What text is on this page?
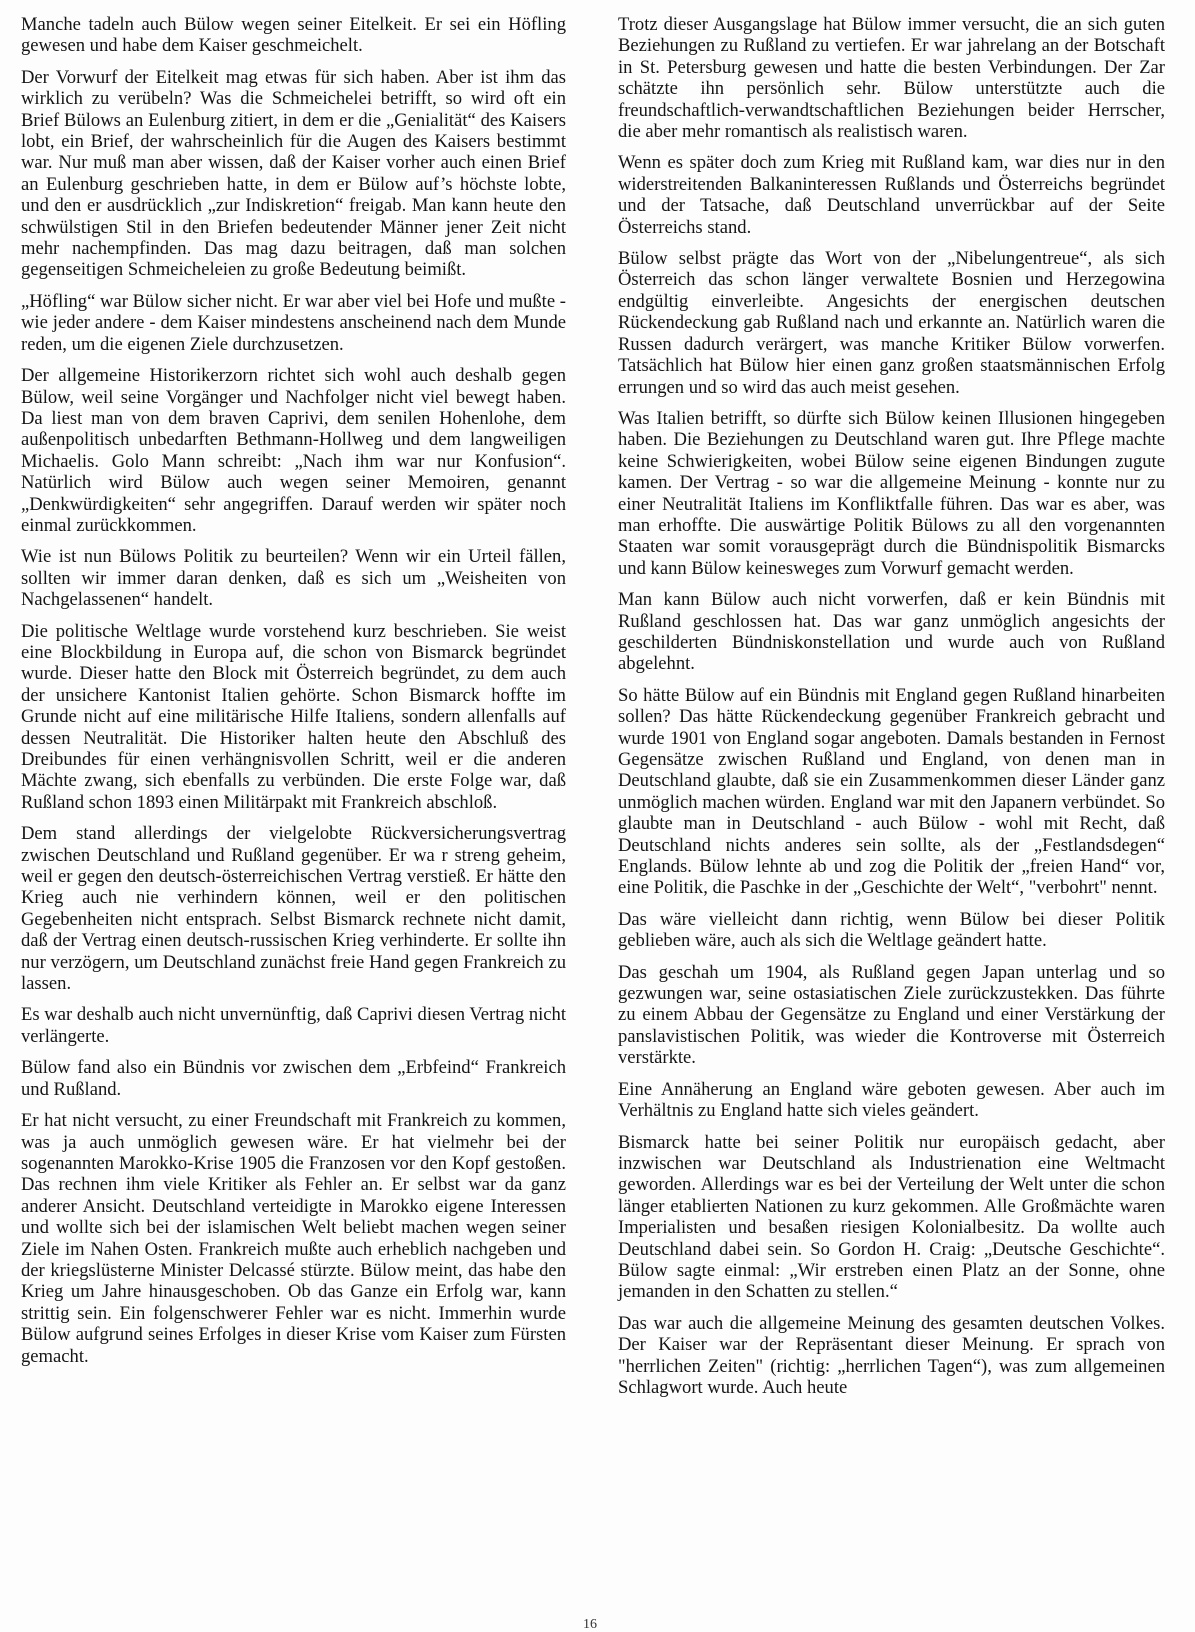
Manche tadeln auch Bülow wegen seiner Eitelkeit. Er sei ein Höfling gewesen und habe dem Kaiser geschmeichelt.

Der Vorwurf der Eitelkeit mag etwas für sich haben. Aber ist ihm das wirklich zu verübeln? Was die Schmeichelei betrifft, so wird oft ein Brief Bülows an Eulenburg zitiert, in dem er die „Genialität“ des Kaisers lobt, ein Brief, der wahrscheinlich für die Augen des Kaisers bestimmt war. Nur muß man aber wissen, daß der Kaiser vorher auch einen Brief an Eulenburg geschrieben hatte, in dem er Bülow auf’s höchste lobte, und den er ausdrücklich „zur Indiskretion“ freigab. Man kann heute den schwülstigen Stil in den Briefen bedeutender Männer jener Zeit nicht mehr nachempfinden. Das mag dazu beitragen, daß man solchen gegenseitigen Schmeicheleien zu große Bedeutung beimißt.

„Höfling“ war Bülow sicher nicht. Er war aber viel bei Hofe und mußte - wie jeder andere - dem Kaiser mindestens anscheinend nach dem Munde reden, um die eigenen Ziele durchzusetzen.

Der allgemeine Historikerzorn richtet sich wohl auch deshalb gegen Bülow, weil seine Vorgänger und Nachfolger nicht viel bewegt haben. Da liest man von dem braven Caprivi, dem senilen Hohenlohe, dem außenpolitisch unbedarften Bethmann-Hollweg und dem langweiligen Michaelis. Golo Mann schreibt: „Nach ihm war nur Konfusion“. Natürlich wird Bülow auch wegen seiner Memoiren, genannt „Denkwürdigkeiten“ sehr angegriffen. Darauf werden wir später noch einmal zurückkommen.

Wie ist nun Bülows Politik zu beurteilen? Wenn wir ein Urteil fällen, sollten wir immer daran denken, daß es sich um „Weisheiten von Nachgelassenen“ handelt.

Die politische Weltlage wurde vorstehend kurz beschrieben. Sie weist eine Blockbildung in Europa auf, die schon von Bismarck begründet wurde. Dieser hatte den Block mit Österreich begründet, zu dem auch der unsichere Kantonist Italien gehörte. Schon Bismarck hoffte im Grunde nicht auf eine militärische Hilfe Italiens, sondern allenfalls auf dessen Neutralität. Die Historiker halten heute den Abschluß des Dreibundes für einen verhängnisvollen Schritt, weil er die anderen Mächte zwang, sich ebenfalls zu verbünden. Die erste Folge war, daß Rußland schon 1893 einen Militärpakt mit Frankreich abschloß.

Dem stand allerdings der vielgelobte Rückversicherungsvertrag zwischen Deutschland und Rußland gegenüber. Er wa r streng geheim, weil er gegen den deutsch-österreichischen Vertrag verstieß. Er hätte den Krieg auch nie verhindern können, weil er den politischen Gegebenheiten nicht entsprach. Selbst Bismarck rechnete nicht damit, daß der Vertrag einen deutsch-russischen Krieg verhinderte. Er sollte ihn nur verzögern, um Deutschland zunächst freie Hand gegen Frankreich zu lassen.

Es war deshalb auch nicht unvernünftig, daß Caprivi diesen Vertrag nicht verlängerte.

Bülow fand also ein Bündnis vor zwischen dem „Erbfeind“ Frankreich und Rußland.

Er hat nicht versucht, zu einer Freundschaft mit Frankreich zu kommen, was ja auch unmöglich gewesen wäre. Er hat vielmehr bei der sogenannten Marokko-Krise 1905 die Franzosen vor den Kopf gestoßen. Das rechnen ihm viele Kritiker als Fehler an. Er selbst war da ganz anderer Ansicht. Deutschland verteidigte in Marokko eigene Interessen und wollte sich bei der islamischen Welt beliebt machen wegen seiner Ziele im Nahen Osten. Frankreich mußte auch erheblich nachgeben und der kriegslüsterne Minister Delcassé stürzte. Bülow meint, das habe den Krieg um Jahre hinausgeschoben. Ob das Ganze ein Erfolg war, kann strittig sein. Ein folgenschwerer Fehler war es nicht. Immerhin wurde Bülow aufgrund seines Erfolges in dieser Krise vom Kaiser zum Fürsten gemacht.

Trotz dieser Ausgangslage hat Bülow immer versucht, die an sich guten Beziehungen zu Rußland zu vertiefen. Er war jahrelang an der Botschaft in St. Petersburg gewesen und hatte die besten Verbindungen. Der Zar schätzte ihn persönlich sehr. Bülow unterstützte auch die freundschaftlich-verwandtschaftlichen Beziehungen beider Herrscher, die aber mehr romantisch als realistisch waren.

Wenn es später doch zum Krieg mit Rußland kam, war dies nur in den widerstreitenden Balkaninteressen Rußlands und Österreichs begründet und der Tatsache, daß Deutschland unverrückbar auf der Seite Österreichs stand.

Bülow selbst prägte das Wort von der „Nibelungentreue“, als sich Österreich das schon länger verwaltete Bosnien und Herzegowina endgültig einverleibte. Angesichts der energischen deutschen Rückendeckung gab Rußland nach und erkannte an. Natürlich waren die Russen dadurch verärgert, was manche Kritiker Bülow vorwerfen. Tatsächlich hat Bülow hier einen ganz großen staatsmännischen Erfolg errungen und so wird das auch meist gesehen.

Was Italien betrifft, so dürfte sich Bülow keinen Illusionen hingegeben haben. Die Beziehungen zu Deutschland waren gut. Ihre Pflege machte keine Schwierigkeiten, wobei Bülow seine eigenen Bindungen zugute kamen. Der Vertrag - so war die allgemeine Meinung - konnte nur zu einer Neutralität Italiens im Konfliktfalle führen. Das war es aber, was man erhoffte. Die auswärtige Politik Bülows zu all den vorgenannten Staaten war somit vorausgeprägt durch die Bündnispolitik Bismarcks und kann Bülow keinesweges zum Vorwurf gemacht werden.

Man kann Bülow auch nicht vorwerfen, daß er kein Bündnis mit Rußland geschlossen hat. Das war ganz unmöglich angesichts der geschilderten Bündniskonstellation und wurde auch von Rußland abgelehnt.

So hätte Bülow auf ein Bündnis mit England gegen Rußland hinarbeiten sollen? Das hätte Rückendeckung gegenüber Frankreich gebracht und wurde 1901 von England sogar angeboten. Damals bestanden in Fernost Gegensätze zwischen Rußland und England, von denen man in Deutschland glaubte, daß sie ein Zusammenkommen dieser Länder ganz unmöglich machen würden. England war mit den Japanern verbündet. So glaubte man in Deutschland - auch Bülow - wohl mit Recht, daß Deutschland nichts anderes sein sollte, als der „Festlandsdegen“ Englands. Bülow lehnte ab und zog die Politik der „freien Hand“ vor, eine Politik, die Paschke in der „Geschichte der Welt“, "verbohrt" nennt.

Das wäre vielleicht dann richtig, wenn Bülow bei dieser Politik geblieben wäre, auch als sich die Weltlage geändert hatte.

Das geschah um 1904, als Rußland gegen Japan unterlag und so gezwungen war, seine ostasiatischen Ziele zurückzustekken. Das führte zu einem Abbau der Gegensätze zu England und einer Verstärkung der panslavistischen Politik, was wieder die Kontroverse mit Österreich verstärkte.

Eine Annäherung an England wäre geboten gewesen. Aber auch im Verhältnis zu England hatte sich vieles geändert.

Bismarck hatte bei seiner Politik nur europäisch gedacht, aber inzwischen war Deutschland als Industrienation eine Weltmacht geworden. Allerdings war es bei der Verteilung der Welt unter die schon länger etablierten Nationen zu kurz gekommen. Alle Großmächte waren Imperialisten und besaßen riesigen Kolonialbesitz. Da wollte auch Deutschland dabei sein. So Gordon H. Craig: „Deutsche Geschichte“. Bülow sagte einmal: „Wir erstreben einen Platz an der Sonne, ohne jemanden in den Schatten zu stellen.“

Das war auch die allgemeine Meinung des gesamten deutschen Volkes. Der Kaiser war der Repräsentant dieser Meinung. Er sprach von "herrlichen Zeiten" (richtig: „herrlichen Tagen“), was zum allgemeinen Schlagwort wurde. Auch heute

16
